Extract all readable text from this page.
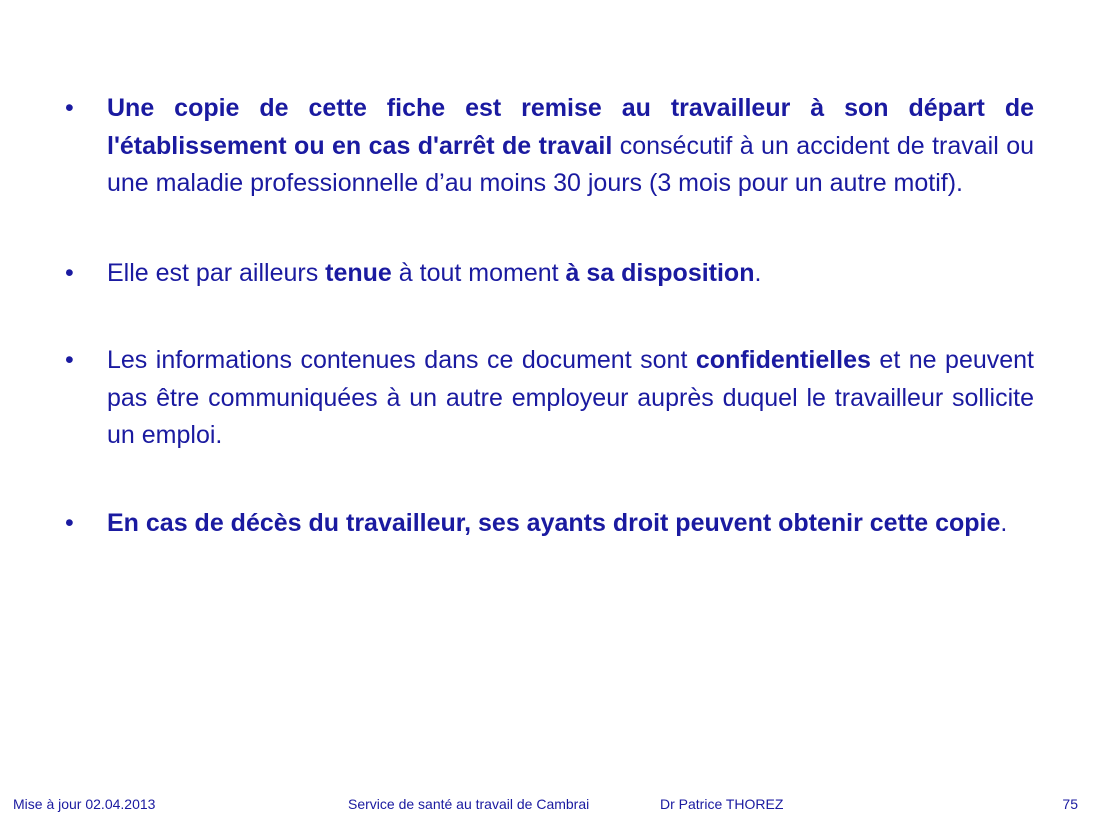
• Une copie de cette fiche est remise au travailleur à son départ de l'établissement ou en cas d'arrêt de travail consécutif à un accident de travail ou une maladie professionnelle d’au moins 30 jours (3 mois pour un autre motif).
• Elle est par ailleurs tenue à tout moment à sa disposition.
• Les informations contenues dans ce document sont confidentielles et ne peuvent pas être communiquées à un autre employeur auprès duquel le travailleur sollicite un emploi.
• En cas de décès du travailleur, ses ayants droit peuvent obtenir cette copie.
Mise à jour 02.04.2013	Service de santé au travail de Cambrai	Dr Patrice THOREZ	75
